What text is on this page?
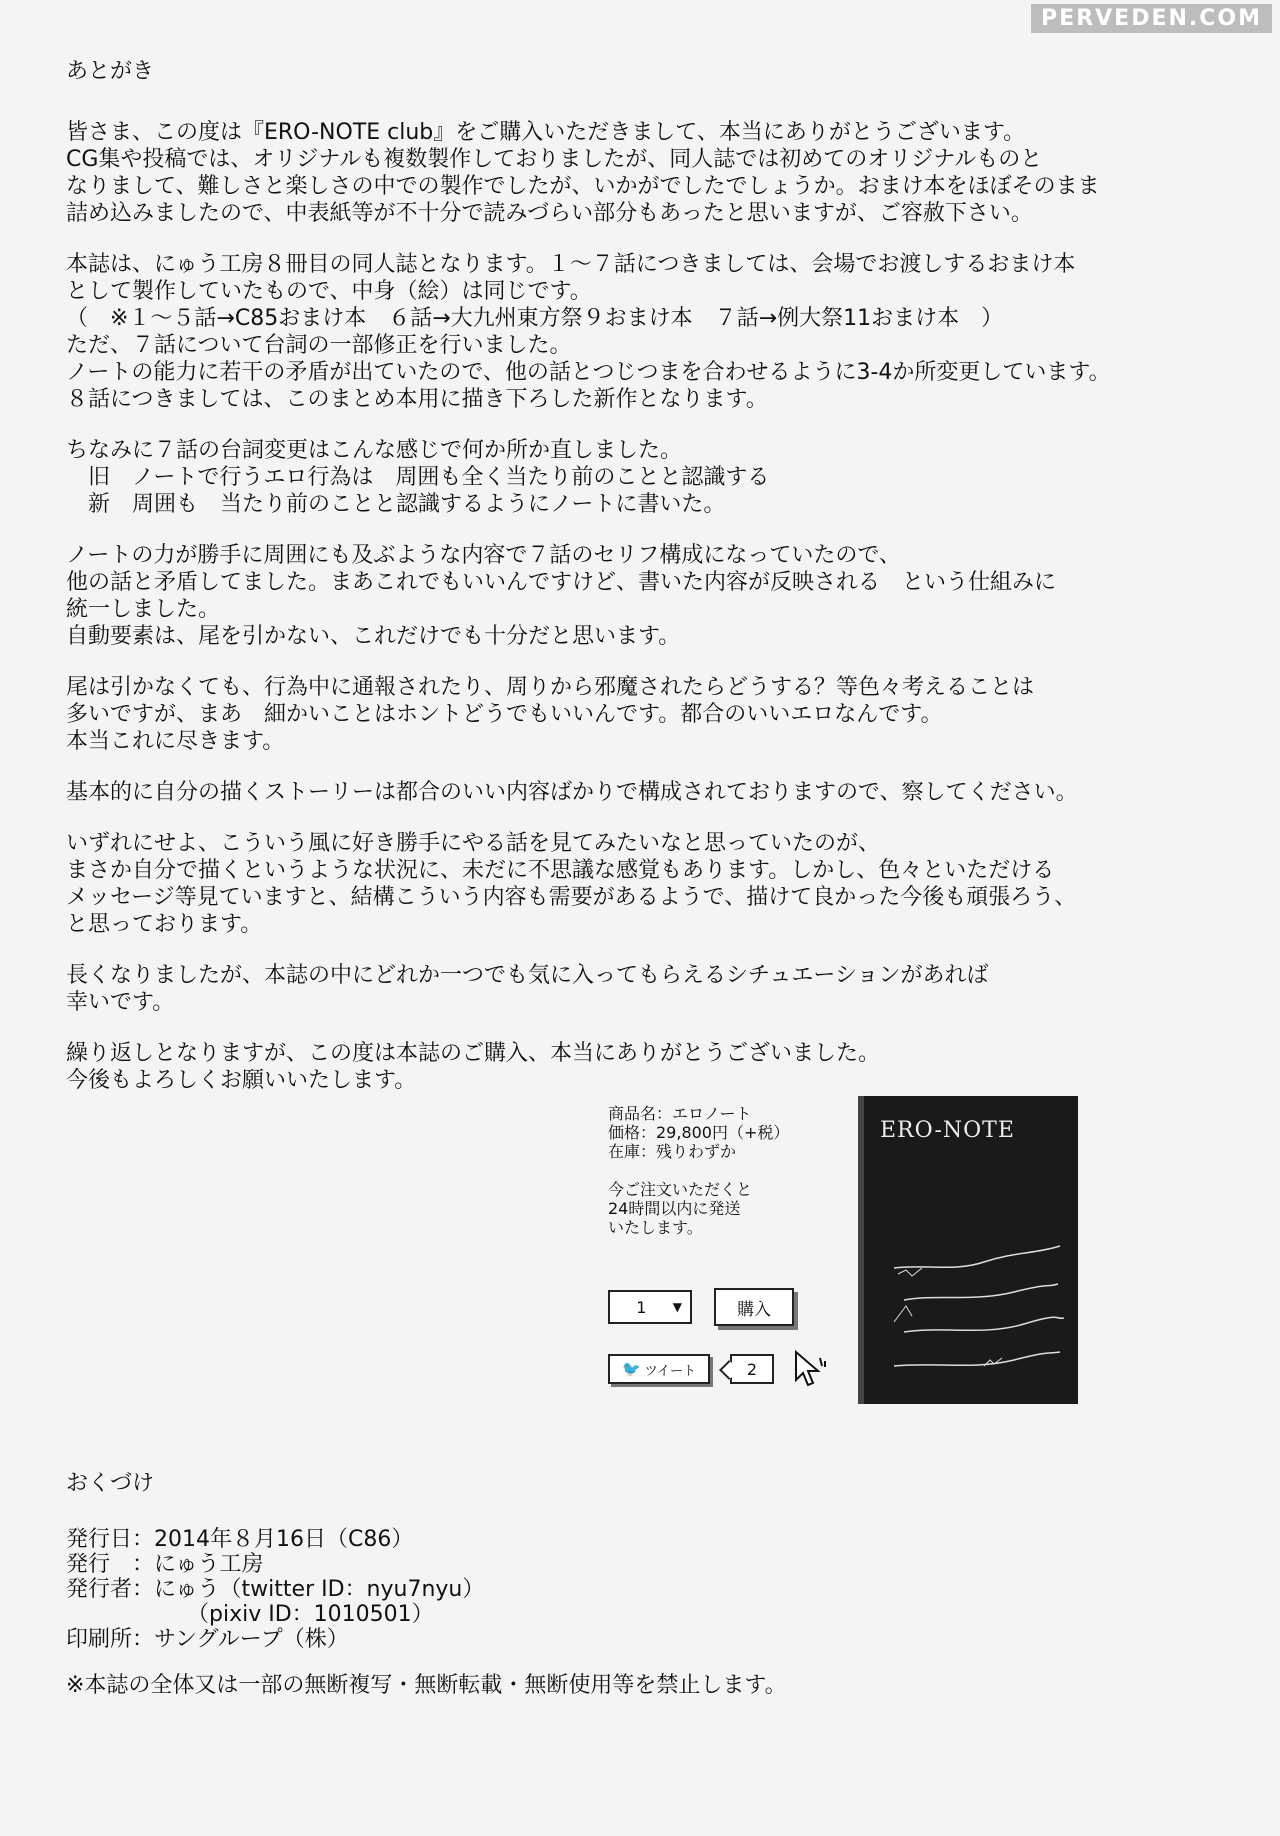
PERVEDEN.COM
あとがき
皆さま、この度は『ERO-NOTE club』をご購入いただきまして、本当にありがとうございます。
CG集や投稿では、オリジナルも複数製作しておりましたが、同人誌では初めてのオリジナルものと
なりまして、難しさと楽しさの中での製作でしたが、いかがでしたでしょうか。おまけ本をほぼそのまま
詰め込みましたので、中表紙等が不十分で読みづらい部分もあったと思いますが、ご容赦下さい。
本誌は、にゅう工房８冊目の同人誌となります。１～７話につきましては、会場でお渡しするおまけ本
として製作していたもので、中身（絵）は同じです。
（　※１～５話→C85おまけ本　６話→大九州東方祭９おまけ本　７話→例大祭11おまけ本　）
ただ、７話について台詞の一部修正を行いました。
ノートの能力に若干の矛盾が出ていたので、他の話とつじつまを合わせるように3-4か所変更しています。
８話につきましては、このまとめ本用に描き下ろした新作となります。
ちなみに７話の台詞変更はこんな感じで何か所か直しました。
　旧　ノートで行うエロ行為は　周囲も全く当たり前のことと認識する
　新　周囲も　当たり前のことと認識するようにノートに書いた。
ノートの力が勝手に周囲にも及ぶような内容で７話のセリフ構成になっていたので、
他の話と矛盾してました。まあこれでもいいんですけど、書いた内容が反映される　という仕組みに
統一しました。
自動要素は、尾を引かない、これだけでも十分だと思います。
尾は引かなくても、行為中に通報されたり、周りから邪魔されたらどうする？等色々考えることは
多いですが、まあ　細かいことはホントどうでもいいんです。都合のいいエロなんです。
本当これに尽きます。
基本的に自分の描くストーリーは都合のいい内容ばかりで構成されておりますので、察してください。
いずれにせよ、こういう風に好き勝手にやる話を見てみたいなと思っていたのが、
まさか自分で描くというような状況に、未だに不思議な感覚もあります。しかし、色々といただける
メッセージ等見ていますと、結構こういう内容も需要があるようで、描けて良かった今後も頑張ろう、
と思っております。
長くなりましたが、本誌の中にどれか一つでも気に入ってもらえるシチュエーションがあれば
幸いです。
繰り返しとなりますが、この度は本誌のご購入、本当にありがとうございました。
今後もよろしくお願いいたします。
商品名：エロノート
価格：29,800円（+税）
在庫：残りわずか
今ご注文いただくと
24時間以内に発送
いたします。
1	▼	購入
🐦 ツイート	2
ERO-NOTE
おくづけ
発行日：2014年８月16日（C86）
発行　：にゅう工房
発行者：にゅう（twitter ID：nyu7nyu）
　　　　　　（pixiv ID：1010501）
印刷所：サングループ（株）
※本誌の全体又は一部の無断複写・無断転載・無断使用等を禁止します。
